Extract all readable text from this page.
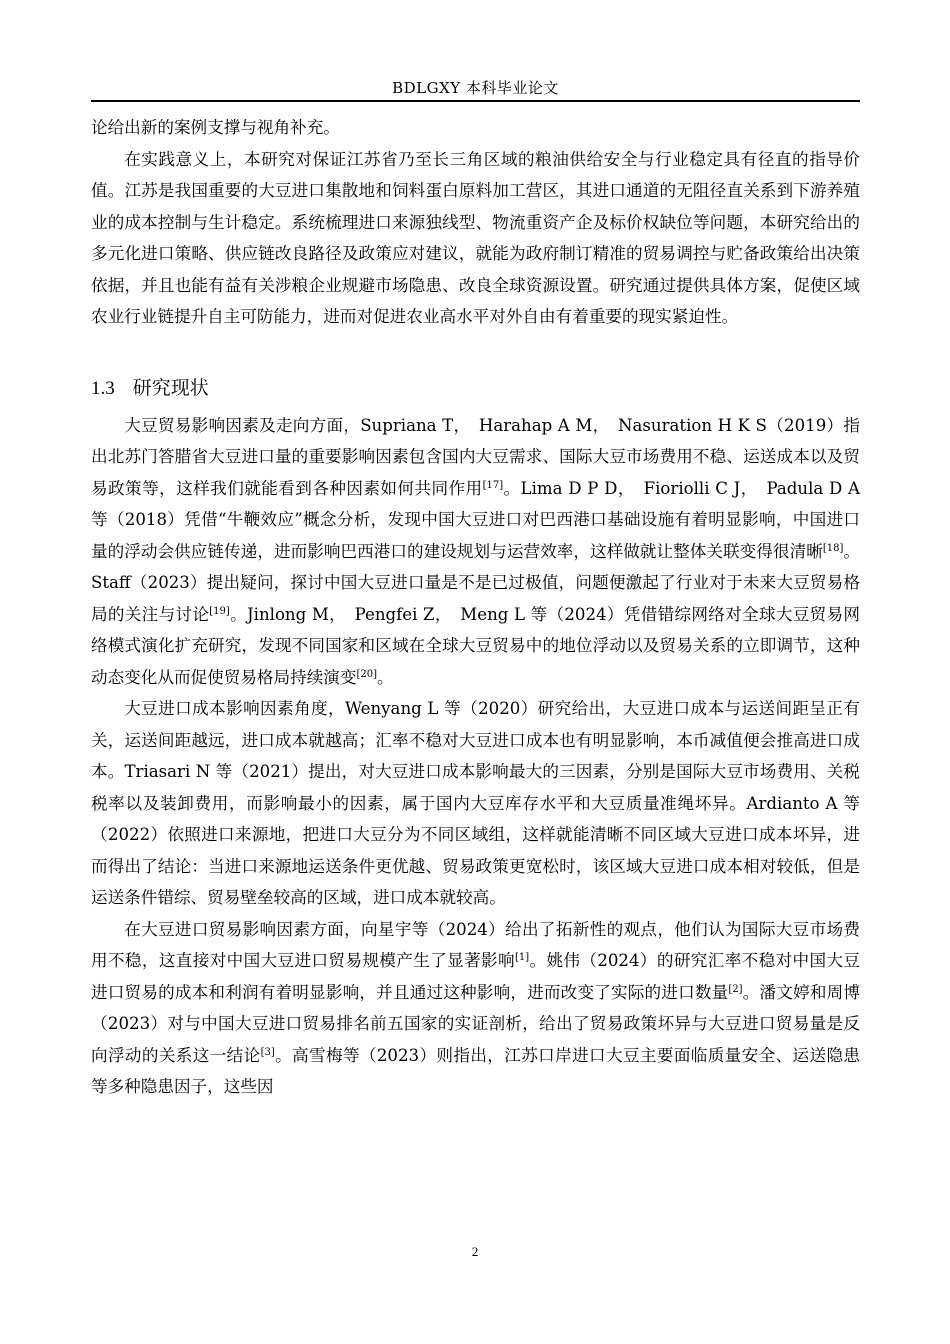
BDLGXY 本科毕业论文

论给出新的案例支撑与视角补充。

在实践意义上，本研究对保证江苏省乃至长三角区域的粮油供给安全与行业稳定具有径直的指导价值。江苏是我国重要的大豆进口集散地和饲料蛋白原料加工营区，其进口通道的无阻径直关系到下游养殖业的成本控制与生计稳定。系统梳理进口来源独线型、物流重资产企及标价权缺位等问题，本研究给出的多元化进口策略、供应链改良路径及政策应对建议，就能为政府制订精准的贸易调控与贮备政策给出决策依据，并且也能有益有关涉粮企业规避市场隐患、改良全球资源设置。研究通过提供具体方案，促使区域农业行业链提升自主可防能力，进而对促进农业高水平对外自由有着重要的现实紧迫性。

1.3 研究现状

大豆贸易影响因素及走向方面，Supriana T，　Harahap A M，　Nasuration H K S（2019）指出北苏门答腊省大豆进口量的重要影响因素包含国内大豆需求、国际大豆市场费用不稳、运送成本以及贸易政策等，这样我们就能看到各种因素如何共同作用[17]。Lima D P D，　Fioriolli C J，　Padula D A 等（2018）凭借“牛鞭效应”概念分析，发现中国大豆进口对巴西港口基础设施有着明显影响，中国进口量的浮动会供应链传递，进而影响巴西港口的建设规划与运营效率，这样做就让整体关联变得很清晰[18]。Staff（2023）提出疑问，探讨中国大豆进口量是不是已过极值，问题便激起了行业对于未来大豆贸易格局的关注与讨论[19]。Jinlong M，　Pengfei Z，　Meng L 等（2024）凭借错综网络对全球大豆贸易网络模式演化扩充研究，发现不同国家和区域在全球大豆贸易中的地位浮动以及贸易关系的立即调节，这种动态变化从而促使贸易格局持续演变[20]。

大豆进口成本影响因素角度，Wenyang L 等（2020）研究给出，大豆进口成本与运送间距呈正有关，运送间距越远，进口成本就越高；汇率不稳对大豆进口成本也有明显影响，本币减值便会推高进口成本。Triasari N 等（2021）提出，对大豆进口成本影响最大的三因素，分别是国际大豆市场费用、关税税率以及装卸费用，而影响最小的因素，属于国内大豆库存水平和大豆质量准绳坏异。Ardianto A 等（2022）依照进口来源地，把进口大豆分为不同区域组，这样就能清晰不同区域大豆进口成本坏异，进而得出了结论：当进口来源地运送条件更优越、贸易政策更宽松时，该区域大豆进口成本相对较低，但是运送条件错综、贸易壁垒较高的区域，进口成本就较高。

在大豆进口贸易影响因素方面，向星宇等（2024）给出了拓新性的观点，他们认为国际大豆市场费用不稳，这直接对中国大豆进口贸易规模产生了显著影响[1]。姚伟（2024）的研究汇率不稳对中国大豆进口贸易的成本和利润有着明显影响，并且通过这种影响，进而改变了实际的进口数量[2]。潘文婷和周博（2023）对与中国大豆进口贸易排名前五国家的实证剖析，给出了贸易政策坏异与大豆进口贸易量是反向浮动的关系这一结论[3]。高雪梅等（2023）则指出，江苏口岸进口大豆主要面临质量安全、运送隐患等多种隐患因子，这些因

2
